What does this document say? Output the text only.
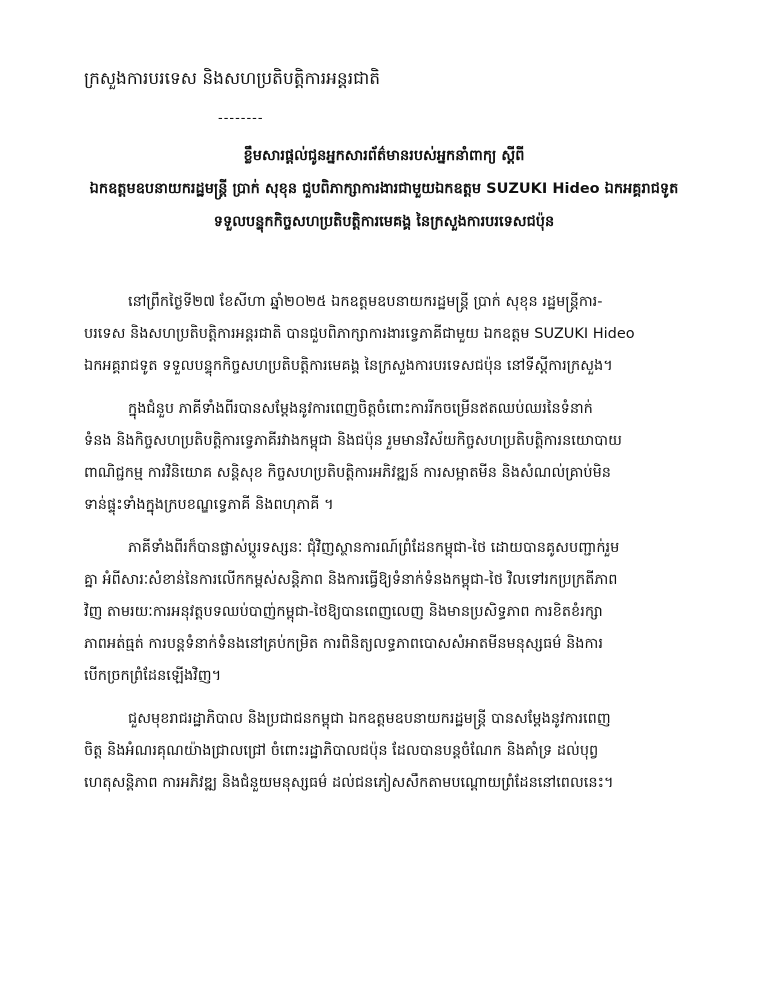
ក្រសួងការបរទេស និងសហប្រតិបត្តិការអន្តរជាតិ
--------
ខ្លឹមសារផ្តល់ជូនអ្នកសារព័ត៌មានរបស់អ្នកនាំពាក្យ ស្តីពី
ឯកឧត្តមឧបនាយករដ្ឋមន្ត្រី ប្រាក់ សុខុន ជួបពិភាក្សាការងារជាមួយឯកឧត្តម SUZUKI Hideo ឯកអគ្គរាជទូត
ទទួលបន្ទុកកិច្ចសហប្រតិបត្តិការមេគង្គ នៃក្រសួងការបរទេសជប៉ុន
នៅព្រឹកថ្ងៃទី២៧ ខែសីហា ឆ្នាំ២០២៥ ឯកឧត្តមឧបនាយករដ្ឋមន្ត្រី ប្រាក់ សុខុន រដ្ឋមន្ត្រីការ-
បរទេស និងសហប្រតិបត្តិការអន្តរជាតិ បានជួបពិភាក្សាការងារទ្វេភាគីជាមួយ ឯកឧត្តម SUZUKI Hideo
ឯកអគ្គរាជទូត ទទួលបន្ទុកកិច្ចសហប្រតិបត្តិការមេគង្គ នៃក្រសួងការបរទេសជប៉ុន នៅទីស្តីការក្រសួង។
ក្នុងជំនួប ភាគីទាំងពីរបានសម្តែងនូវការពេញចិត្តចំពោះការរីកចម្រើនឥតឈប់ឈរនៃទំនាក់
ទំនង និងកិច្ចសហប្រតិបត្តិការទ្វេភាគីរវាងកម្ពុជា និងជប៉ុន រួមមានវិស័យកិច្ចសហប្រតិបត្តិការនយោបាយ
ពាណិជ្ជកម្ម ការវិនិយោគ សន្តិសុខ កិច្ចសហប្រតិបត្តិការអភិវឌ្ឍន៍ ការសម្អាតមីន និងសំណល់គ្រាប់មិន
ទាន់ផ្ទុះទាំងក្នុងក្របខណ្ឌទ្វេភាគី និងពហុភាគី ។
ភាគីទាំងពីរក៏បានផ្លាស់ប្តូរទស្សនៈ ជុំវិញស្ថានការណ៍ព្រំដែនកម្ពុជា-ថៃ ដោយបានគូសបញ្ជាក់រួម
គ្នា អំពីសារៈសំខាន់នៃការលើកកម្ពស់សន្តិភាព និងការធ្វើឱ្យទំនាក់ទំនងកម្ពុជា-ថៃ វិលទៅរកប្រក្រតីភាព
វិញ តាមរយៈការអនុវត្តបទឈប់បាញ់កម្ពុជា-ថៃឱ្យបានពេញលេញ និងមានប្រសិទ្ធភាព ការខិតខំរក្សា
ភាពអត់ធ្មត់ ការបន្តទំនាក់ទំនងនៅគ្រប់កម្រិត ការពិនិត្យលទ្ធភាពបោសសំអាតមីនមនុស្សធម៌ និងការ
បើកច្រកព្រំដែនឡើងវិញ។
ជួសមុខរាជរដ្ឋាភិបាល និងប្រជាជនកម្ពុជា ឯកឧត្តមឧបនាយករដ្ឋមន្ត្រី បានសម្តែងនូវការពេញ
ចិត្ត និងអំណរគុណយ៉ាងជ្រាលជ្រៅ ចំពោះរដ្ឋាភិបាលជប៉ុន ដែលបានបន្តចំណែក និងគាំទ្រ ដល់បុព្វ
ហេតុសន្តិភាព ការអភិវឌ្ឍ និងជំនួយមនុស្សធម៌ ដល់ជនភៀសសឹកតាមបណ្តោយព្រំដែននៅពេលនេះ។
